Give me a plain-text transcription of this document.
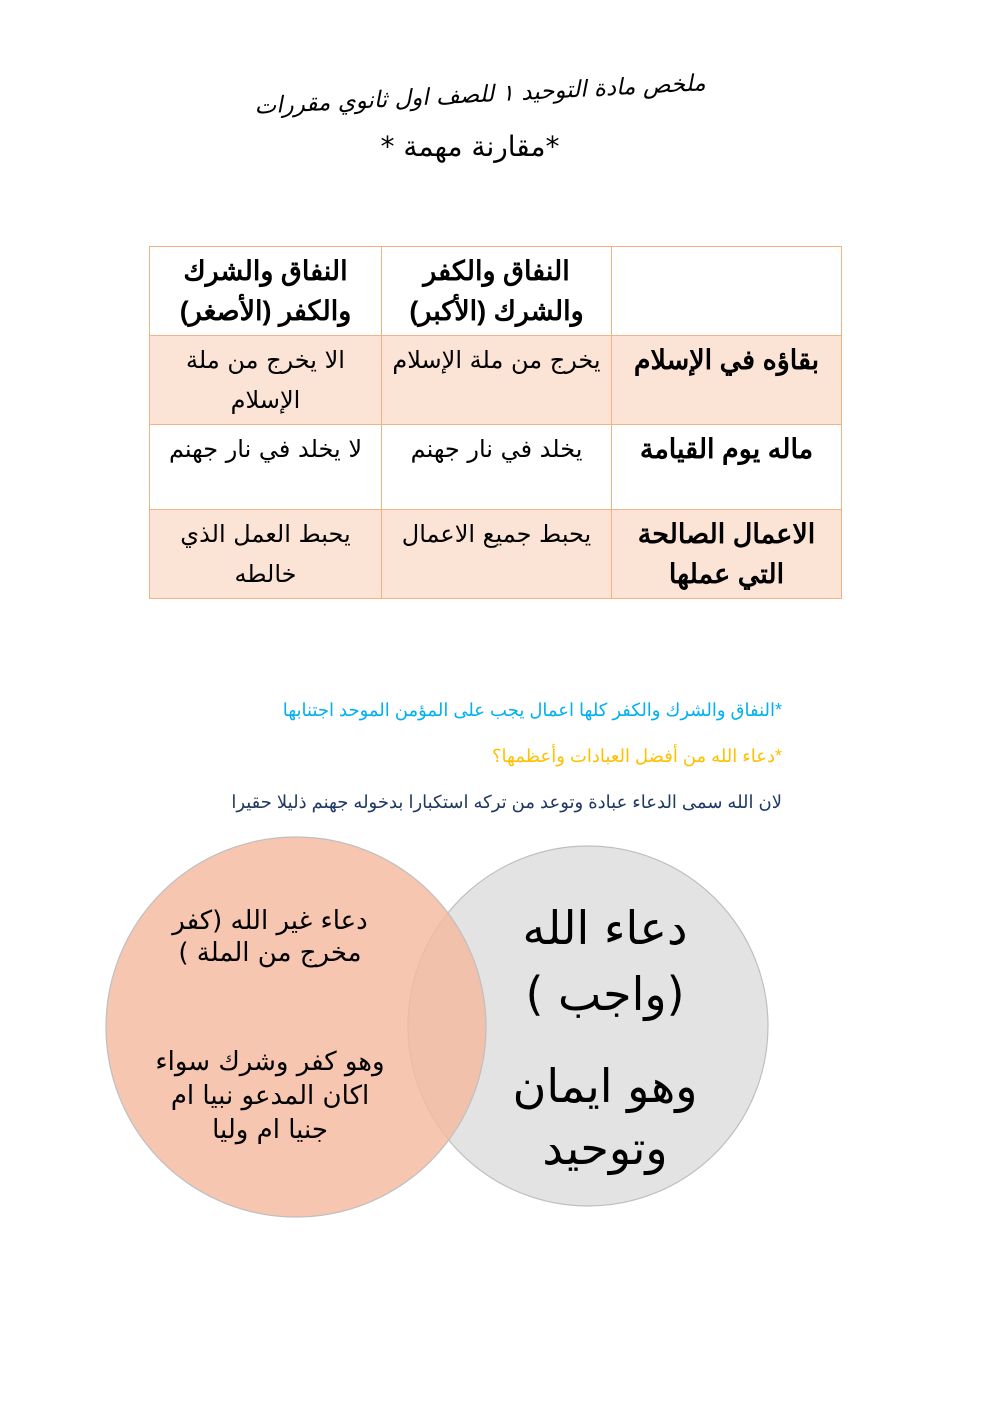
ملخص مادة التوحيد ١ للصف اول ثانوي مقررات
*مقارنة مهمة *
	النفاق والكفر والشرك (الأكبر)	النفاق والشرك والكفر (الأصغر)
بقاؤه في الإسلام	يخرج من ملة الإسلام	الا يخرج من ملة الإسلام
ماله يوم القيامة	يخلد في نار جهنم	لا يخلد في نار جهنم
الاعمال الصالحة التي عملها	يحبط جميع الاعمال	يحبط العمل الذي خالطه
*النفاق والشرك والكفر كلها اعمال يجب على المؤمن الموحد اجتنابها
*دعاء الله من أفضل العبادات وأعظمها؟
لان الله سمى الدعاء عبادة وتوعد من تركه استكبارا بدخوله جهنم ذليلا حقيرا
دعاء غير الله (كفر مخرج من الملة )
وهو كفر وشرك سواء اكان المدعو نبيا ام جنيا ام وليا
دعاء الله (واجب )
وهو ايمان وتوحيد
